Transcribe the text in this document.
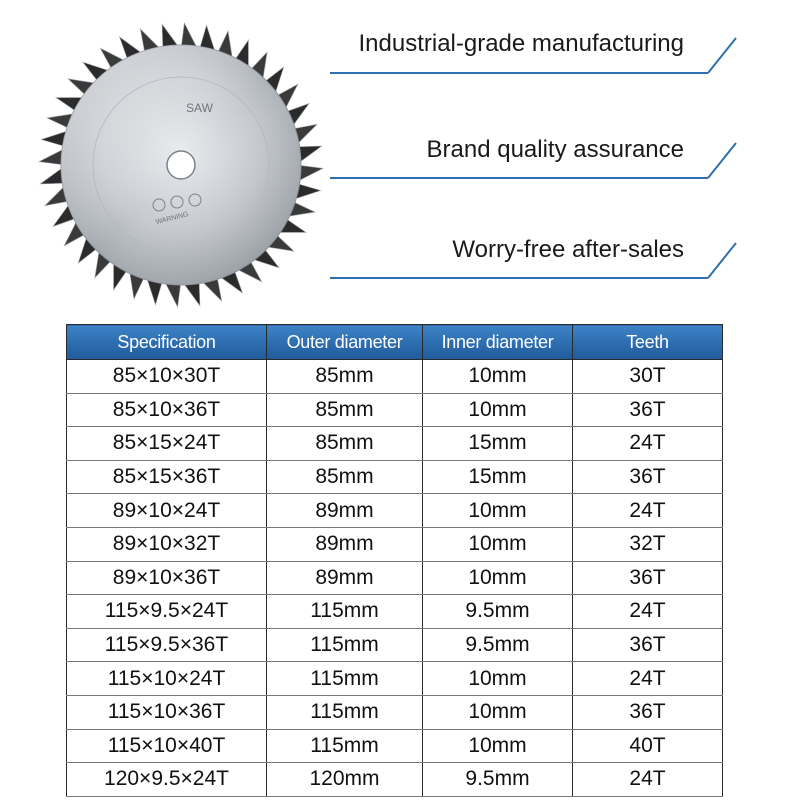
SAW
WARNING
Industrial-grade manufacturing
Brand quality assurance
Worry-free after-sales
Specification	Outer diameter	Inner diameter	Teeth
85×10×30T	85mm	10mm	30T
85×10×36T	85mm	10mm	36T
85×15×24T	85mm	15mm	24T
85×15×36T	85mm	15mm	36T
89×10×24T	89mm	10mm	24T
89×10×32T	89mm	10mm	32T
89×10×36T	89mm	10mm	36T
115×9.5×24T	115mm	9.5mm	24T
115×9.5×36T	115mm	9.5mm	36T
115×10×24T	115mm	10mm	24T
115×10×36T	115mm	10mm	36T
115×10×40T	115mm	10mm	40T
120×9.5×24T	120mm	9.5mm	24T
